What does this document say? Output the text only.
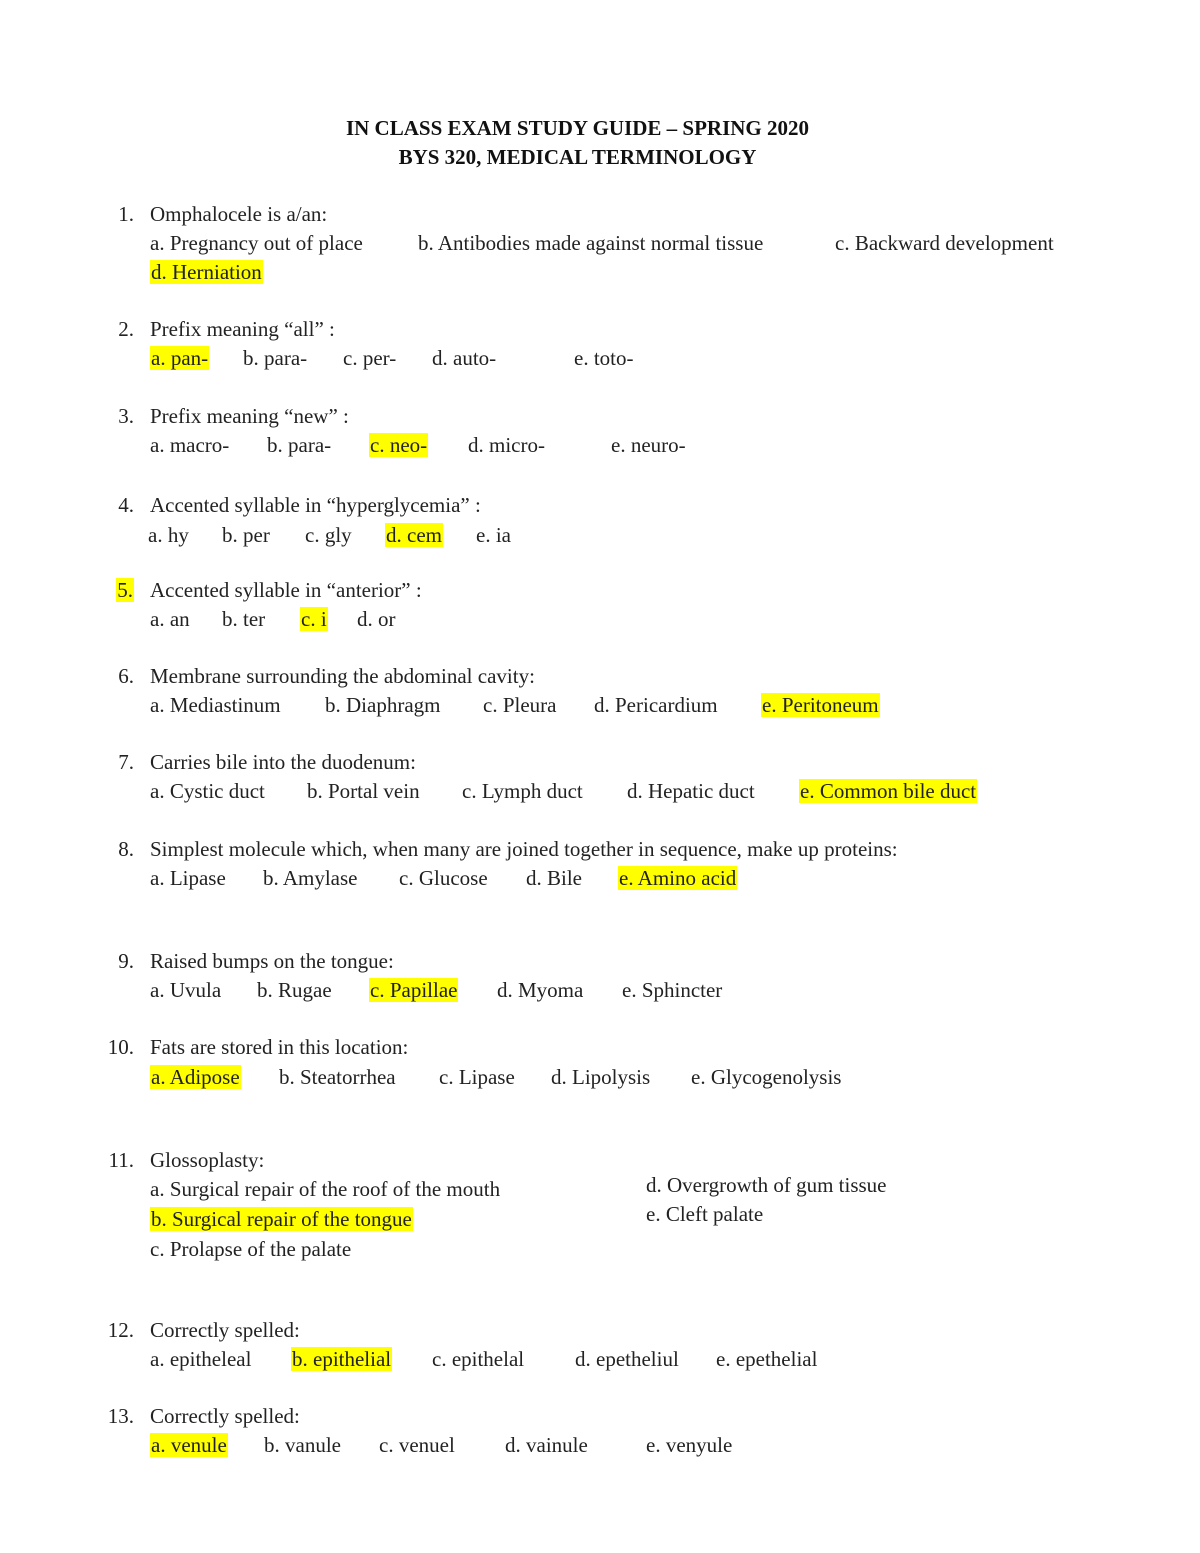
IN CLASS EXAM STUDY GUIDE – SPRING 2020
BYS 320, MEDICAL TERMINOLOGY
1. Omphalocele is a/an:
a. Pregnancy out of place	b. Antibodies made against normal tissue	c. Backward development
d. Herniation
2. Prefix meaning “all” :
a. pan- b. para- c. per- d. auto-	e. toto-
3. Prefix meaning “new” :
a. macro- b. para- c. neo- d. micro-	e. neuro-
4. Accented syllable in “hyperglycemia” :
a. hy b. per c. gly d. cem e. ia
5. Accented syllable in “anterior” :
a. an b. ter c. i d. or
6. Membrane surrounding the abdominal cavity:
a. Mediastinum b. Diaphragm c. Pleura d. Pericardium e. Peritoneum
7. Carries bile into the duodenum:
a. Cystic duct b. Portal vein c. Lymph duct d. Hepatic duct e. Common bile duct
8. Simplest molecule which, when many are joined together in sequence, make up proteins:
a. Lipase b. Amylase c. Glucose d. Bile e. Amino acid
9. Raised bumps on the tongue:
a. Uvula b. Rugae c. Papillae d. Myoma e. Sphincter
10. Fats are stored in this location:
a. Adipose b. Steatorrhea c. Lipase d. Lipolysis e. Glycogenolysis
11. Glossoplasty:
a. Surgical repair of the roof of the mouth
b. Surgical repair of the tongue
c. Prolapse of the palate
d. Overgrowth of gum tissue
e. Cleft palate
12. Correctly spelled:
a. epitheleal b. epithelial c. epithelal d. epetheliul e. epethelial
13. Correctly spelled:
a. venule b. vanule c. venuel d. vainule	e. venyule
